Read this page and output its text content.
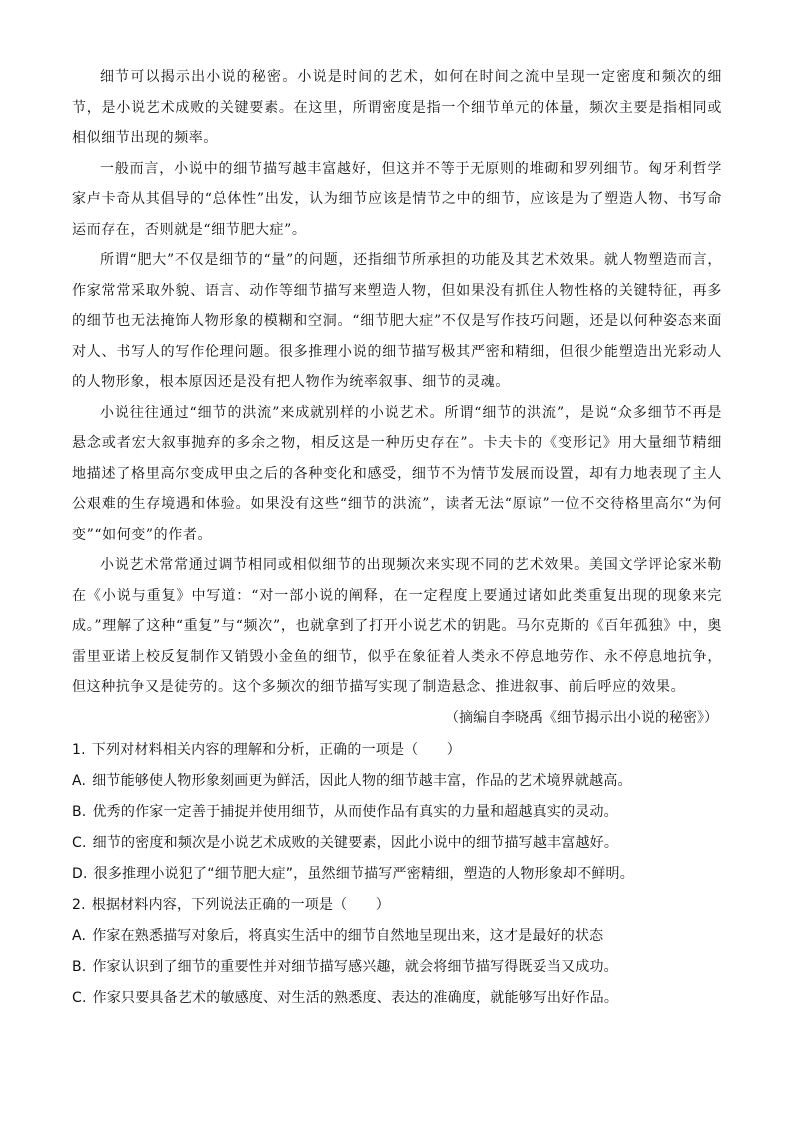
细节可以揭示出小说的秘密。小说是时间的艺术，如何在时间之流中呈现一定密度和频次的细节，是小说艺术成败的关键要素。在这里，所谓密度是指一个细节单元的体量，频次主要是指相同或相似细节出现的频率。

一般而言，小说中的细节描写越丰富越好，但这并不等于无原则的堆砌和罗列细节。匈牙利哲学家卢卡奇从其倡导的“总体性”出发，认为细节应该是情节之中的细节，应该是为了塑造人物、书写命运而存在，否则就是“细节肥大症”。

所谓“肥大”不仅是细节的“量”的问题，还指细节所承担的功能及其艺术效果。就人物塑造而言，作家常常采取外貌、语言、动作等细节描写来塑造人物，但如果没有抓住人物性格的关键特征，再多的细节也无法掩饰人物形象的模糊和空洞。“细节肥大症”不仅是写作技巧问题，还是以何种姿态来面对人、书写人的写作伦理问题。很多推理小说的细节描写极其严密和精细，但很少能塑造出光彩动人的人物形象，根本原因还是没有把人物作为统率叙事、细节的灵魂。

小说往往通过“细节的洪流”来成就别样的小说艺术。所谓“细节的洪流”，是说“众多细节不再是悬念或者宏大叙事抛弃的多余之物，相反这是一种历史存在”。卡夫卡的《变形记》用大量细节精细地描述了格里高尔变成甲虫之后的各种变化和感受，细节不为情节发展而设置，却有力地表现了主人公艰难的生存境遇和体验。如果没有这些“细节的洪流”，读者无法“原谅”一位不交待格里高尔“为何变”“如何变”的作者。

小说艺术常常通过调节相同或相似细节的出现频次来实现不同的艺术效果。美国文学评论家米勒在《小说与重复》中写道：“对一部小说的阐释，在一定程度上要通过诸如此类重复出现的现象来完成。”理解了这种“重复”与“频次”，也就拿到了打开小说艺术的钥匙。马尔克斯的《百年孤独》中，奥雷里亚诺上校反复制作又销毁小金鱼的细节，似乎在象征着人类永不停息地劳作、永不停息地抗争，但这种抗争又是徒劳的。这个多频次的细节描写实现了制造悬念、推进叙事、前后呼应的效果。

（摘编自李晓禹《细节揭示出小说的秘密》）

1. 下列对材料相关内容的理解和分析，正确的一项是（　　）

A. 细节能够使人物形象刻画更为鲜活，因此人物的细节越丰富，作品的艺术境界就越高。

B. 优秀的作家一定善于捕捉并使用细节，从而使作品有真实的力量和超越真实的灵动。

C. 细节的密度和频次是小说艺术成败的关键要素，因此小说中的细节描写越丰富越好。

D. 很多推理小说犯了“细节肥大症”，虽然细节描写严密精细，塑造的人物形象却不鲜明。

2. 根据材料内容，下列说法正确的一项是（　　）

A. 作家在熟悉描写对象后，将真实生活中的细节自然地呈现出来，这才是最好的状态

B. 作家认识到了细节的重要性并对细节描写感兴趣，就会将细节描写得既妥当又成功。

C. 作家只要具备艺术的敏感度、对生活的熟悉度、表达的准确度，就能够写出好作品。
